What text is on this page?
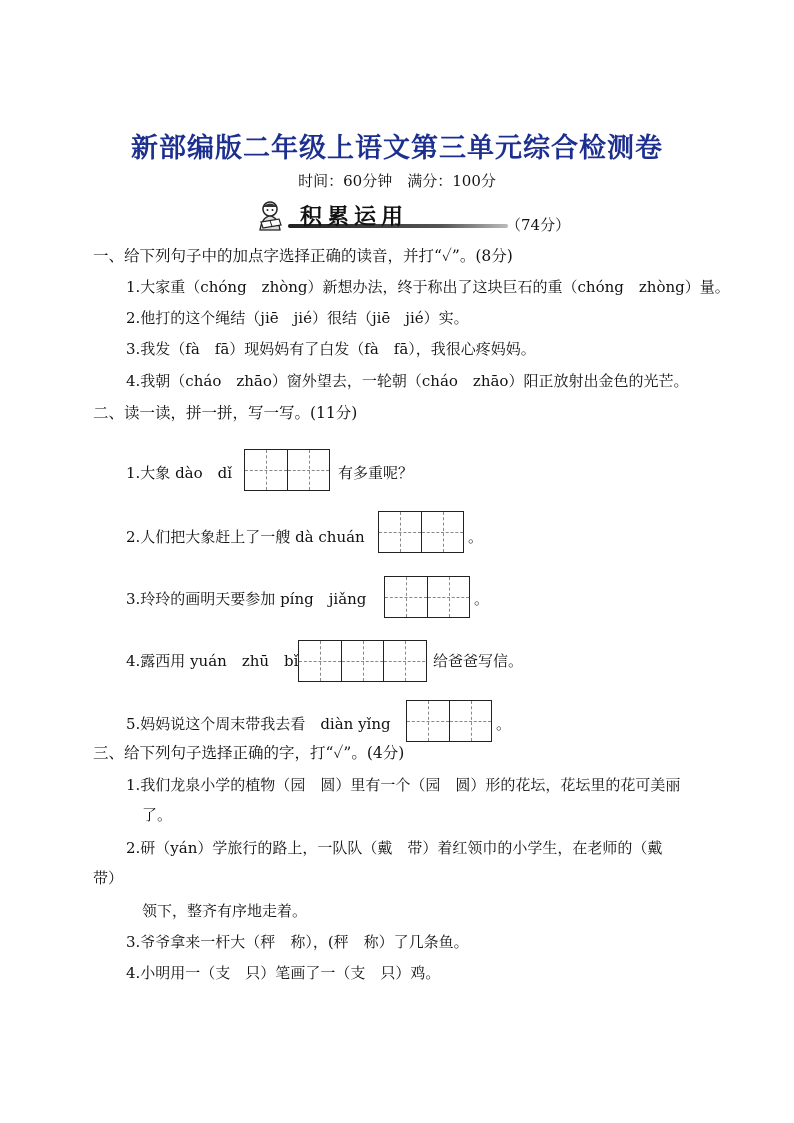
新部编版二年级上语文第三单元综合检测卷
时间：60分钟　满分：100分
积累运用	（74分）
一、给下列句子中的加点字选择正确的读音，并打“✓”。(8分)
1.大家重（chóng　zhòng）新想办法，终于称出了这块巨石的重（chóng　zhòng）量。
2.他打的这个绳结（jiē　jié）很结（jiē　jié）实。
3.我发（fà　fā）现妈妈有了白发（fà　fā），我很心疼妈妈。
4.我朝（cháo　zhāo）窗外望去，一轮朝（cháo　zhāo）阳正放射出金色的光芒。
二、读一读，拼一拼，写一写。(11分)
1.大象 dào　dǐ	有多重呢？
2.人们把大象赶上了一艘 dà chuán	。
3.玲玲的画明天要参加 píng　jiǎng	。
4.露西用 yuán　zhū　bǐ	给爸爸写信。
5.妈妈说这个周末带我去看　diàn yǐng	。
三、给下列句子选择正确的字，打“✓”。(4分)
1.我们龙泉小学的植物（园　圆）里有一个（园　圆）形的花坛，花坛里的花可美丽
了。
2.研（yán）学旅行的路上，一队队（戴　带）着红领巾的小学生，在老师的（戴
带）
领下，整齐有序地走着。
3.爷爷拿来一杆大（秤　称），(秤　称）了几条鱼。
4.小明用一（支　只）笔画了一（支　只）鸡。
